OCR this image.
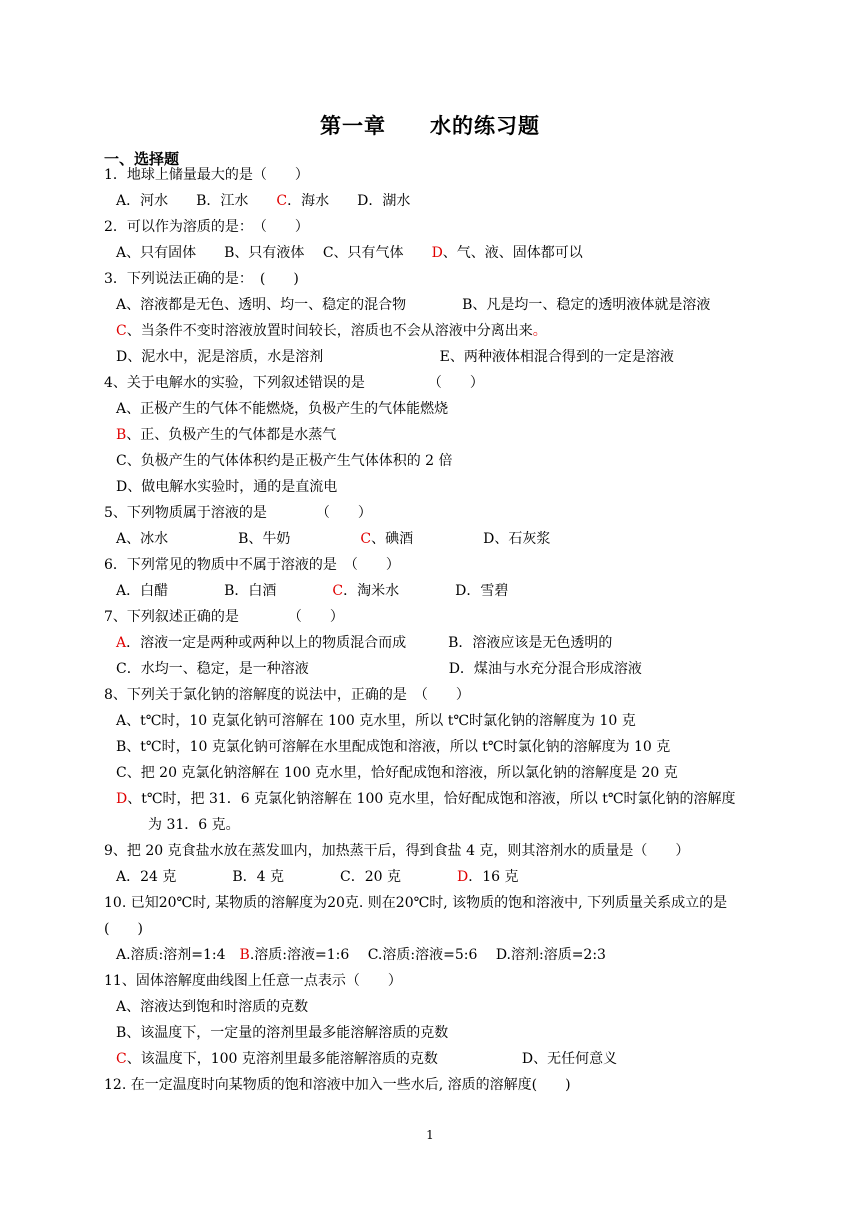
第一章　　水的练习题
一、选择题
1．地球上储量最大的是（　　）
A．河水　　B．江水　　C．海水　　D．湖水
2．可以作为溶质的是：　（　　）
A、只有固体　　B、只有液体　 C、只有气体　　D、气、液、固体都可以
3．下列说法正确的是：　(　　)
A、溶液都是无色、透明、均一、稳定的混合物　　　　B、凡是均一、稳定的透明液体就是溶液
C、当条件不变时溶液放置时间较长，溶质也不会从溶液中分离出来。
D、泥水中，泥是溶质，水是溶剂　　　　　　　　 E、两种液体相混合得到的一定是溶液
4、关于电解水的实验，下列叙述错误的是　　　　　（　　）
A、正极产生的气体不能燃烧，负极产生的气体能燃烧
B、正、负极产生的气体都是水蒸气
C、负极产生的气体体积约是正极产生气体体积的 2 倍
D、做电解水实验时，通的是直流电
5、下列物质属于溶液的是　　　　（　　）
A、冰水　　　　　B、牛奶　　　　　C、碘酒　　　　　D、石灰浆
6．下列常见的物质中不属于溶液的是　（　　）
A．白醋　　　　B．白酒　　　　C．淘米水　　　　D．雪碧
7、下列叙述正确的是　　　　（　　）
A．溶液一定是两种或两种以上的物质混合而成　　　B．溶液应该是无色透明的
C．水均一、稳定，是一种溶液　　　　　　　　　　D．煤油与水充分混合形成溶液
8、下列关于氯化钠的溶解度的说法中，正确的是　（　　）
A、t℃时，10 克氯化钠可溶解在 100 克水里，所以 t℃时氯化钠的溶解度为 10 克
B、t℃时，10 克氯化钠可溶解在水里配成饱和溶液，所以 t℃时氯化钠的溶解度为 10 克
C、把 20 克氯化钠溶解在 100 克水里，恰好配成饱和溶液，所以氯化钠的溶解度是 20 克
D、t℃时，把 31．6 克氯化钠溶解在 100 克水里，恰好配成饱和溶液，所以 t℃时氯化钠的溶解度
为 31．6 克。
9、把 20 克食盐水放在蒸发皿内，加热蒸干后，得到食盐 4 克，则其溶剂水的质量是（　　）
A．24 克　　　　B．4 克　　　　C．20 克　　　　D．16 克
10. 已知20℃时, 某物质的溶解度为20克. 则在20℃时, 该物质的饱和溶液中, 下列质量关系成立的是
(　　)
A.溶质:溶剂=1:4　B.溶质:溶液=1:6　 C.溶质:溶液=5:6　 D.溶剂:溶质=2:3
11、固体溶解度曲线图上任意一点表示（　　）
A、溶液达到饱和时溶质的克数
B、该温度下，一定量的溶剂里最多能溶解溶质的克数
C、该温度下，100 克溶剂里最多能溶解溶质的克数　　　　　　D、无任何意义
12. 在一定温度时向某物质的饱和溶液中加入一些水后, 溶质的溶解度(　　)
1
